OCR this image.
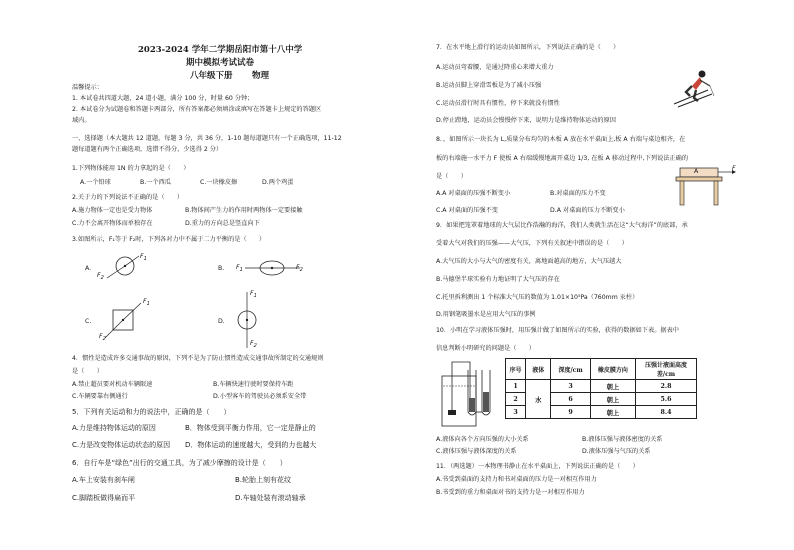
2023-2024 学年二学期岳阳市第十八中学
期中模拟考试试卷
八年级下册 物理
温馨提示：
1. 本试卷共四道大题，24 道小题，满分 100 分，时量 60 分钟；
2. 本试卷分为试题卷和答题卡两部分，所有答案都必须填涂或填写在答题卡上规定的答题区
域内。
一、选择题（本大题共 12 道题，每题 3 分，共 36 分，1-10 题每道题只有一个正确选项，11-12
题每道题有两个正确选项，选错不得分，少选得 2 分）
1.下列物体能用 1N 的力拿起的是（　　）
A.一个铅球	B.一个西瓜	C.一块橡皮擦	D.两个鸡蛋
2.关于力的下列说法不正确的是（　　）
A.施力物体一定也是受力物体	B.物体间产生力的作用时两物体一定要接触
C.力不会离开物体而单独存在	D.重力的方向总是竖直向下
3.如图所示，F₁等于 F₂时，下列各对力中不属于二力平衡的是（　　）
A.
$F_1$
$F_2$
B. $F_1$	$F_2$
C.
$F_1$
$F_2$
D.
$F_1$
$F_2$
4．惯性是造成许多交通事故的原因，下列不是为了防止惯性造成交通事故所制定的交通规则
是（　　）
A.禁止超员要对机动车辆限速	B.车辆快速行驶时要保持车距
C.车辆要靠右侧通行	D.小型客车的驾驶员必须系安全带
5．下列有关运动和力的说法中，正确的是（　　）
A.力是维持物体运动的原因	B．物体受到平衡力作用，它一定是静止的
C.力是改变物体运动状态的原因 D．物体运动的速度越大，受到的力也越大
6．自行车是“绿色”出行的交通工具，为了减少摩擦的设计是（　　）
A.车上安装有刹车闸	B.轮胎上刻有花纹
C.脚踏板做得扁而平	D.车轴处装有滚动轴承
7．在水平地上滑行的运动员如图所示，下列说法正确的是（　　）
A.运动员弯着腰，是通过降重心来增大重力
B.运动员脚上穿滑雪板是为了减小压强
C.运动员滑行时具有惯性，停下来就没有惯性
D.停止蹬地，运动员会慢慢停下来，说明力是维持物体运动的原因
8．，如图所示一块长为 L,质量分布均匀的木板 A 放在水平桌面上,板 A 右端与桌边相齐，在
板的右端施一水平力 F 使板 A 右端缓慢地离开桌边 1/3, 在板 A 移动过程中,下列说法正确的
是（　　）
A.A 对桌面的压强不断变小	B.对桌面的压力不变
C.A 对桌面的压强不变	D.A 对桌面的压力不断变小
A	F
9．如果把笼罩着地球的大气层比作浩瀚的海洋，我们人类就生活在这“大气海洋”的底部，承
受着大气对我们的压强——大气压，下列有关叙述中错误的是（　　）
A.大气压的大小与大气的密度有关，离地面越高的地方，大气压越大
B.马德堡半球实验有力地证明了大气压的存在
C.托里拆利测出 1 个标准大气压的数值为 1.01×10⁵Pa（760mm 汞柱）
D.用钢笔吸墨水是应用大气压的事例
10．小明在学习液体压强时，用压强计做了如图所示的实验，获得的数据如下表。据表中
信息判断小明研究的问题是（　　）
序号	液体	深度/cm	橡皮膜方向	压强计液面高度差/cm
1	水	3	朝上	2.8
2		6	朝上	5.6
3		9	朝上	8.4
A.液体向各个方向压强的大小关系	B.液体压强与液体密度的关系
C.液体压强与液体深度的关系	D.液体压强与气压的关系
11．（两选题）一本物理书静止在水平桌面上，下列说法正确的是（　　）
A.书受到桌面的支持力和书对桌面的压力是一对相互作用力
B.书受到的重力和桌面对书的支持力是一对相互作用力
